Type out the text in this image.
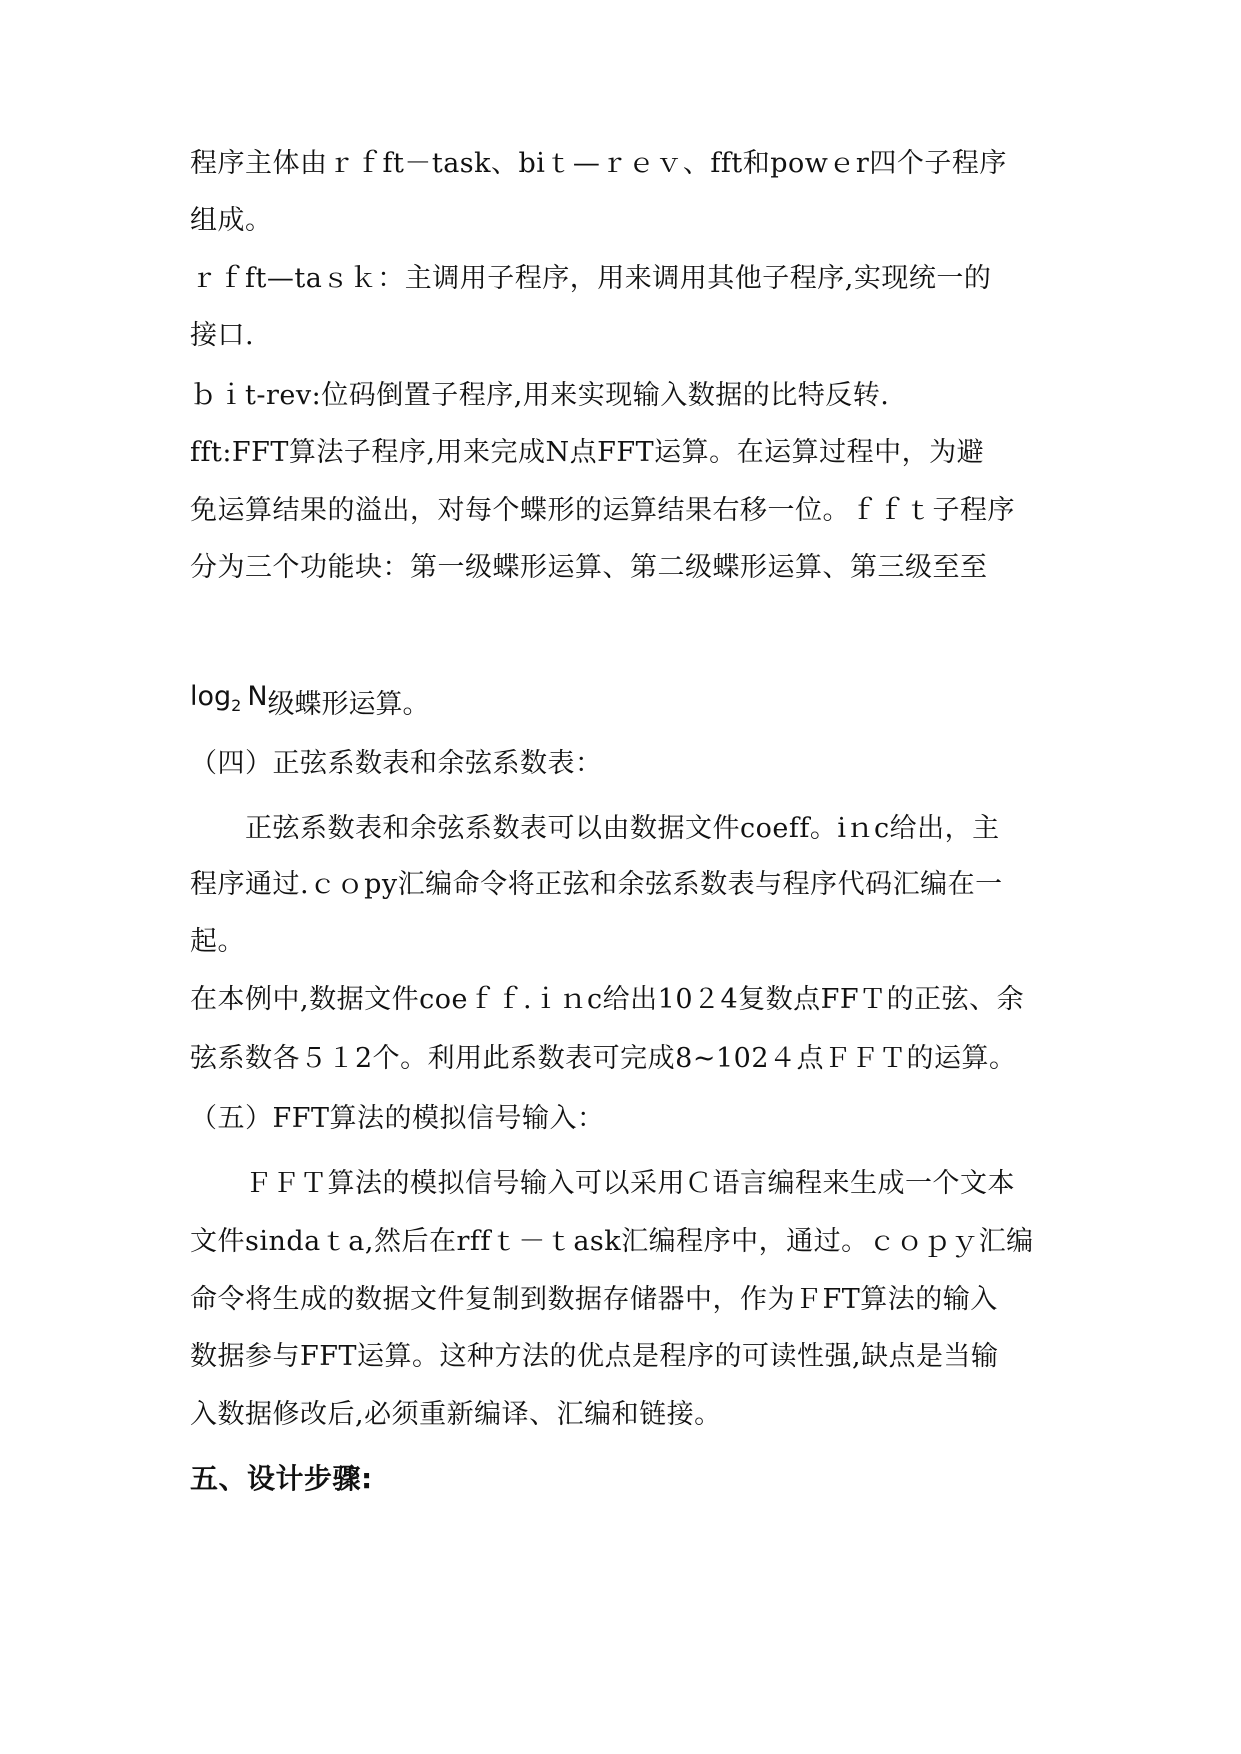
程序主体由ｒｆft－task、biｔ—ｒｅｖ、fft和powｅr四个子程序
组成。
ｒｆft—taｓｋ：主调用子程序，用来调用其他子程序,实现统一的
接口.
ｂｉt-rev:位码倒置子程序,用来实现输入数据的比特反转.
fft:FFT算法子程序,用来完成N点FFT运算。在运算过程中，为避
免运算结果的溢出，对每个蝶形的运算结果右移一位。ｆｆｔ子程序
分为三个功能块：第一级蝶形运算、第二级蝶形运算、第三级至至
$\log_2 N$级蝶形运算。
（四）正弦系数表和余弦系数表：
正弦系数表和余弦系数表可以由数据文件coeff。iｎc给出，主
程序通过.ｃｏpy汇编命令将正弦和余弦系数表与程序代码汇编在一
起。
在本例中,数据文件coeｆｆ.ｉｎc给出10２4复数点FFＴ的正弦、余
弦系数各５１2个。利用此系数表可完成8~102４点ＦＦＴ的运算。
（五）FFT算法的模拟信号输入：
ＦＦＴ算法的模拟信号输入可以采用Ｃ语言编程来生成一个文本
文件sindaｔa,然后在rffｔ－ｔask汇编程序中，通过。ｃｏｐｙ汇编
命令将生成的数据文件复制到数据存储器中，作为ＦFT算法的输入
数据参与FFT运算。这种方法的优点是程序的可读性强,缺点是当输
入数据修改后,必须重新编译、汇编和链接。
五、设计步骤:
